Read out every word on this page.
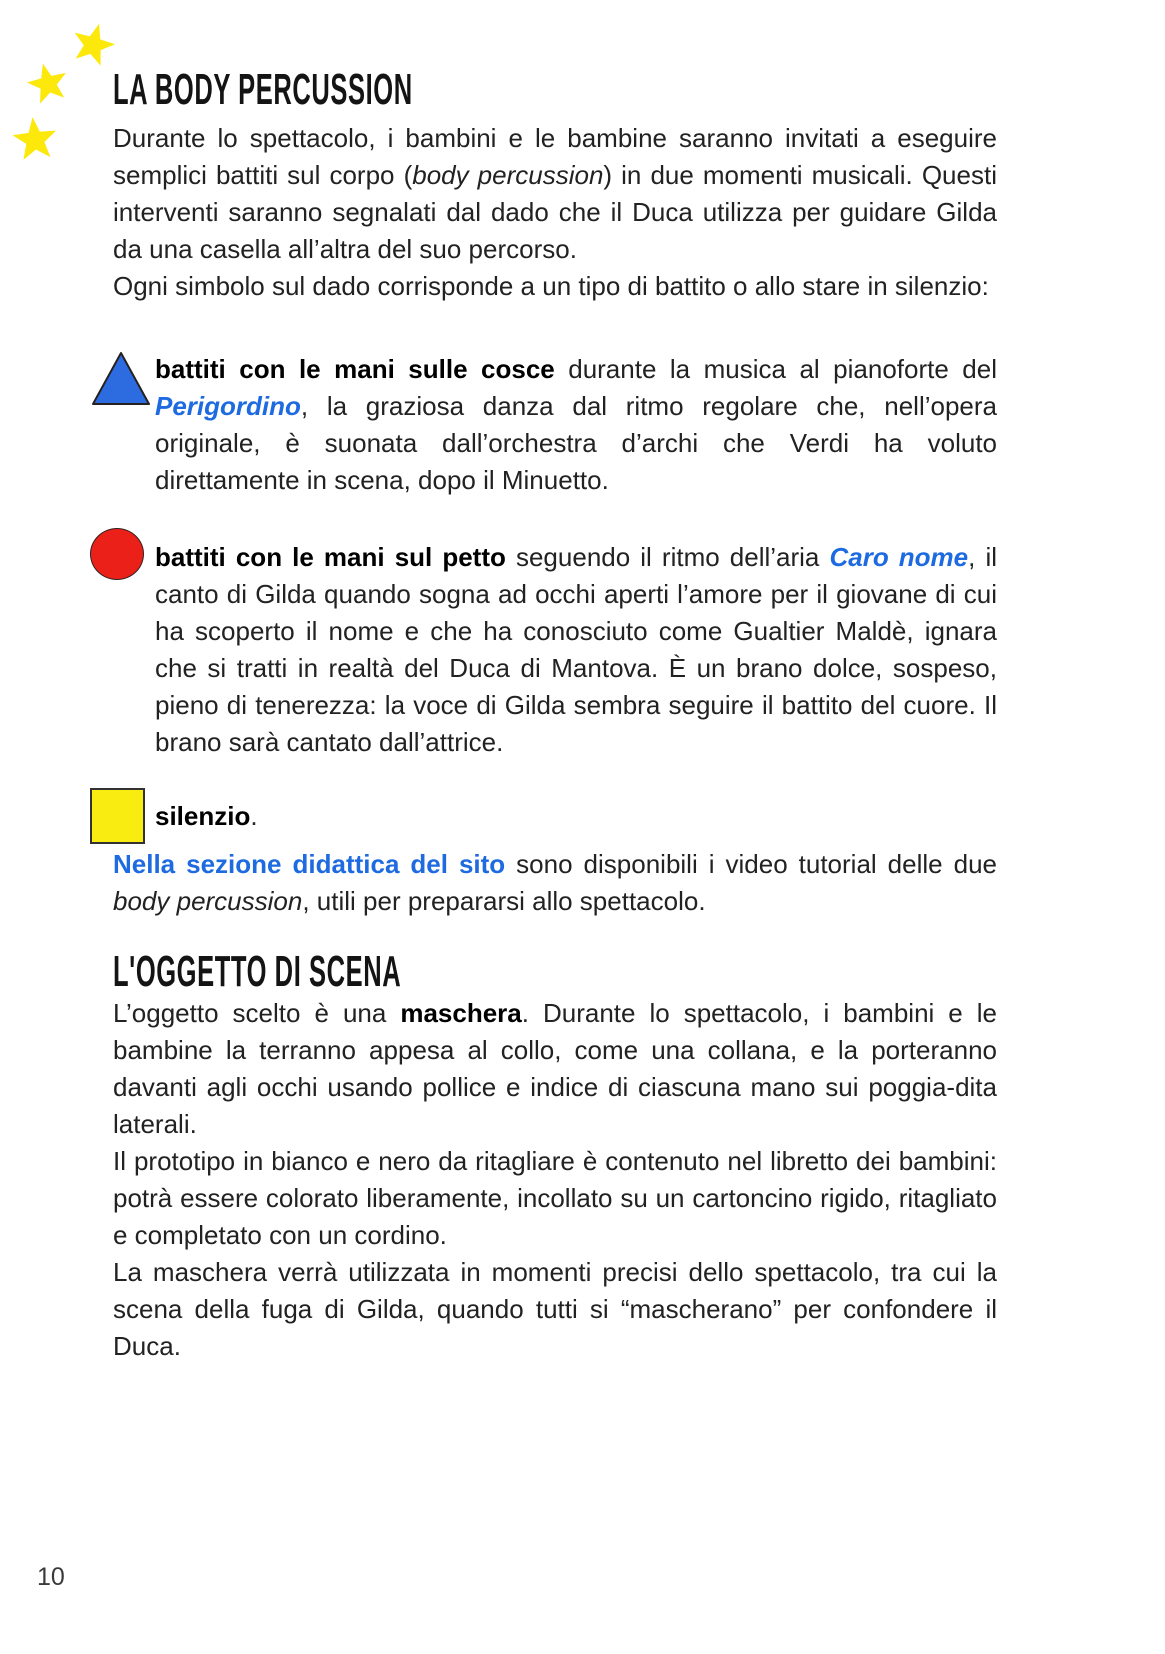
LA BODY PERCUSSION

Durante lo spettacolo, i bambini e le bambine saranno invitati a eseguire semplici battiti sul corpo (body percussion) in due momenti musicali. Questi interventi saranno segnalati dal dado che il Duca utilizza per guidare Gilda da una casella all’altra del suo percorso.

Ogni simbolo sul dado corrisponde a un tipo di battito o allo stare in silenzio:

battiti con le mani sulle cosce durante la musica al pianoforte del Perigordino, la graziosa danza dal ritmo regolare che, nell’opera originale, è suonata dall’orchestra d’archi che Verdi ha voluto direttamente in scena, dopo il Minuetto.

battiti con le mani sul petto seguendo il ritmo dell’aria Caro nome, il canto di Gilda quando sogna ad occhi aperti l’amore per il giovane di cui ha scoperto il nome e che ha conosciuto come Gualtier Maldè, ignara che si tratti in realtà del Duca di Mantova. È un brano dolce, sospeso, pieno di tenerezza: la voce di Gilda sembra seguire il battito del cuore. Il brano sarà cantato dall’attrice.

silenzio.

Nella sezione didattica del sito sono disponibili i video tutorial delle due body percussion, utili per prepararsi allo spettacolo.

L'OGGETTO DI SCENA

L’oggetto scelto è una maschera. Durante lo spettacolo, i bambini e le bambine la terranno appesa al collo, come una collana, e la porteranno davanti agli occhi usando pollice e indice di ciascuna mano sui poggia-dita laterali.

Il prototipo in bianco e nero da ritagliare è contenuto nel libretto dei bambini: potrà essere colorato liberamente, incollato su un cartoncino rigido, ritagliato e completato con un cordino.

La maschera verrà utilizzata in momenti precisi dello spettacolo, tra cui la scena della fuga di Gilda, quando tutti si “mascherano” per confondere il Duca.

10
